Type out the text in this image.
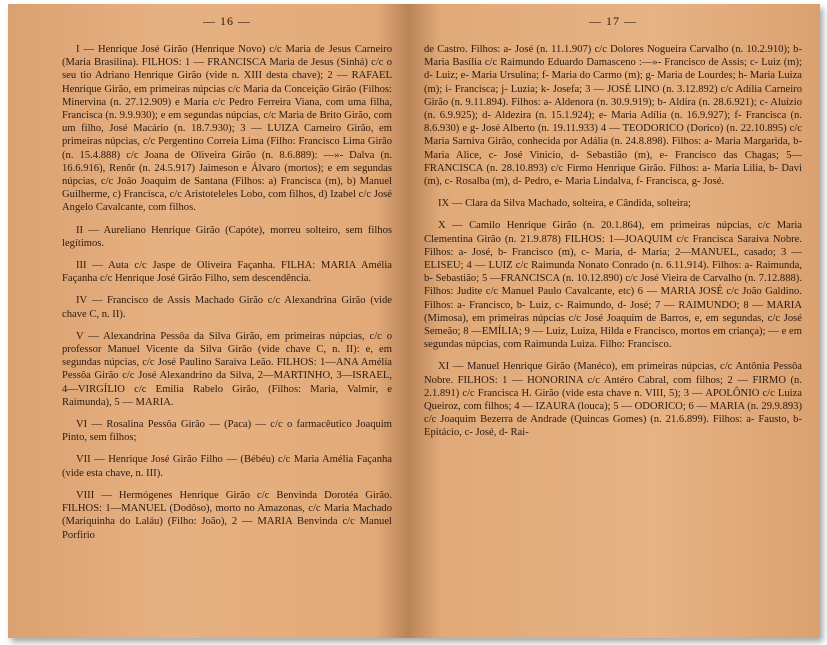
— 16 —

I — Henrique José Girão (Henrique Novo) c/c Maria de Jesus Carneiro (Maria Brasilina). FILHOS: 1 — FRANCISCA Maria de Jesus (Sinhá) c/c o seu tio Adriano Henrique Girão (vide n. XIII desta chave); 2 — RAFAEL Henrique Girão, em primeiras núpcias c/c Maria da Conceição Girão (Filhos: Minervina (n. 27.12.909) e Maria c/c Pedro Ferreira Viana, com uma filha, Francisca (n. 9.9.930); e em segundas núpcias, c/c Maria de Brito Girão, com um filho, José Macário (n. 18.7.930); 3 — LUIZA Carneiro Girão, em primeiras núpcias, c/c Pergentino Correia Lima (Filho: Francisco Lima Girão (n. 15.4.888) c/c Joana de Oliveira Girão (n. 8.6.889): —»- Dalva (n. 16.6.916), Renôr (n. 24.5.917) Jaimeson e Álvaro (mortos); e em segundas núpcias, c/c João Joaquim de Santana (Filhos: a) Francisca (m), b) Manuel Guilherme, c) Francisca, c/c Aristoteleles Lobo, com filhos, d) Izabel c/c José Angelo Cavalcante, com filhos.

II — Aureliano Henrique Girão (Capóte), morreu solteiro, sem filhos legítimos.

III — Auta c/c Jaspe de Oliveira Façanha. FILHA: MARIA Amélia Façanha c/c Henrique José Girão Filho, sem descendência.

IV — Francisco de Assis Machado Girão c/c Alexandrina Girão (vide chave C, n. II).

V — Alexandrina Pessôa da Silva Girão, em primeiras núpcias, c/c o professor Manuel Vicente da Silva Girão (vide chave C, n. II): e, em segundas núpcias, c/c José Paulino Saraiva Leão. FILHOS: 1—ANA Amélia Pessôa Girão c/c José Alexandrino da Silva, 2—MARTINHO, 3—ISRAEL, 4—VIRGÍLIO c/c Emilia Rabelo Girão, (Filhos: Maria, Valmir, e Raimunda), 5 — MARIA.

VI — Rosalina Pessôa Girão — (Paca) — c/c o farmacêutico Joaquim Pinto, sem filhos;

VII — Henrique José Girão Filho — (Bébéu) c/c Maria Amélia Façanha (vide esta chave, n. III).

VIII — Hermógenes Henrique Girão c/c Benvinda Dorotéa Girão. FILHOS: 1—MANUEL (Dodôso), morto no Amazonas, c/c Maria Machado (Mariquinha do Laláu) (Filho: João), 2 — MARIA Benvinda c/c Manuel Porfirio

— 17 —

de Castro. Filhos: a- José (n. 11.1.907) c/c Dolores Nogueira Carvalho (n. 10.2.910); b- Maria Basília c/c Raimundo Eduardo Damasceno :—»- Francisco de Assis; c- Luiz (m); d- Luiz; e- Maria Ursulina; f- Maria do Carmo (m); g- Maria de Lourdes; h- Maria Luiza (m); i- Francisca; j- Luzia; k- Josefa; 3 — JOSÉ LINO (n. 3.12.892) c/c Adília Carneiro Girão (n. 9.11.894). Filhos: a- Aldenora (n. 30.9.919); b- Aldira (n. 28.6.921); c- Aluízio (n. 6.9.925); d- Aldezira (n. 15.1.924); e- Maria Adília (n. 16.9.927); f- Francisca (n. 8.6.930) e g- José Alberto (n. 19.11.933) 4 — TEODORICO (Dorico) (n. 22.10.895) c/c Maria Sarniva Girão, conhecida por Adália (n. 24.8.898). Filhos: a- Maria Margarida, b- Maria Alice, c- José Vinicio, d- Sebastião (m), e- Francisco das Chagas; 5—FRANCISCA (n. 28.10.893) c/c Firmo Henrique Girão. Filhos: a- Maria Lilia, b- Davi (m), c- Rosalba (m), d- Pedro, e- Maria Lindalva, f- Francisca, g- José.

IX — Clara da Silva Machado, solteira, e Cândida, solteira;

X — Camilo Henrique Girão (n. 20.1.864), em primeiras núpcias, c/c Maria Clementina Girão (n. 21.9.878) FILHOS: 1—JOAQUIM c/c Francisca Saraiva Nobre. Filhos: a- José, b- Francisco (m), c- Maria, d- Maria; 2—MANUEL, casado; 3 — ELISEU; 4 — LUIZ c/c Raimunda Nonato Conrado (n. 6.11.914). Filhos: a- Raimunda, b- Sebastião; 5 —FRANCISCA (n. 10.12.890) c/c José Vieira de Carvalho (n. 7.12.888). Filhos: Judite c/c Manuel Paulo Cavalcante, etc) 6 — MARIA JOSÉ c/c João Galdino. Filhos: a- Francisco, b- Luiz, c- Raimundo, d- José; 7 — RAIMUNDO; 8 — MARIA (Mimosa), em primeiras núpcias c/c José Joaquim de Barros, e, em segundas, c/c José Semeão; 8 —EMÍLIA; 9 — Luiz, Luiza, Hilda e Francisco, mortos em criança); — e em segundas núpcias, com Raimunda Luiza. Filho: Francisco.

XI — Manuel Henrique Girão (Manéco), em primeiras núpcias, c/c Antônia Pessôa Nobre. FILHOS: 1 — HONORINA c/c Antéro Cabral, com filhos; 2 — FIRMO (n. 2.1.891) c/c Francisca H. Girão (vide esta chave n. VIII, 5); 3 — APOLÔNIO c/c Luiza Queiroz, com filhos; 4 — IZAURA (louca); 5 — ODORICO; 6 — MARIA (n. 29.9.893) c/c Joaquim Bezerra de Andrade (Quincas Gomes) (n. 21.6.899). Filhos: a- Fausto, b- Epitácio, c- José, d- Rai-
